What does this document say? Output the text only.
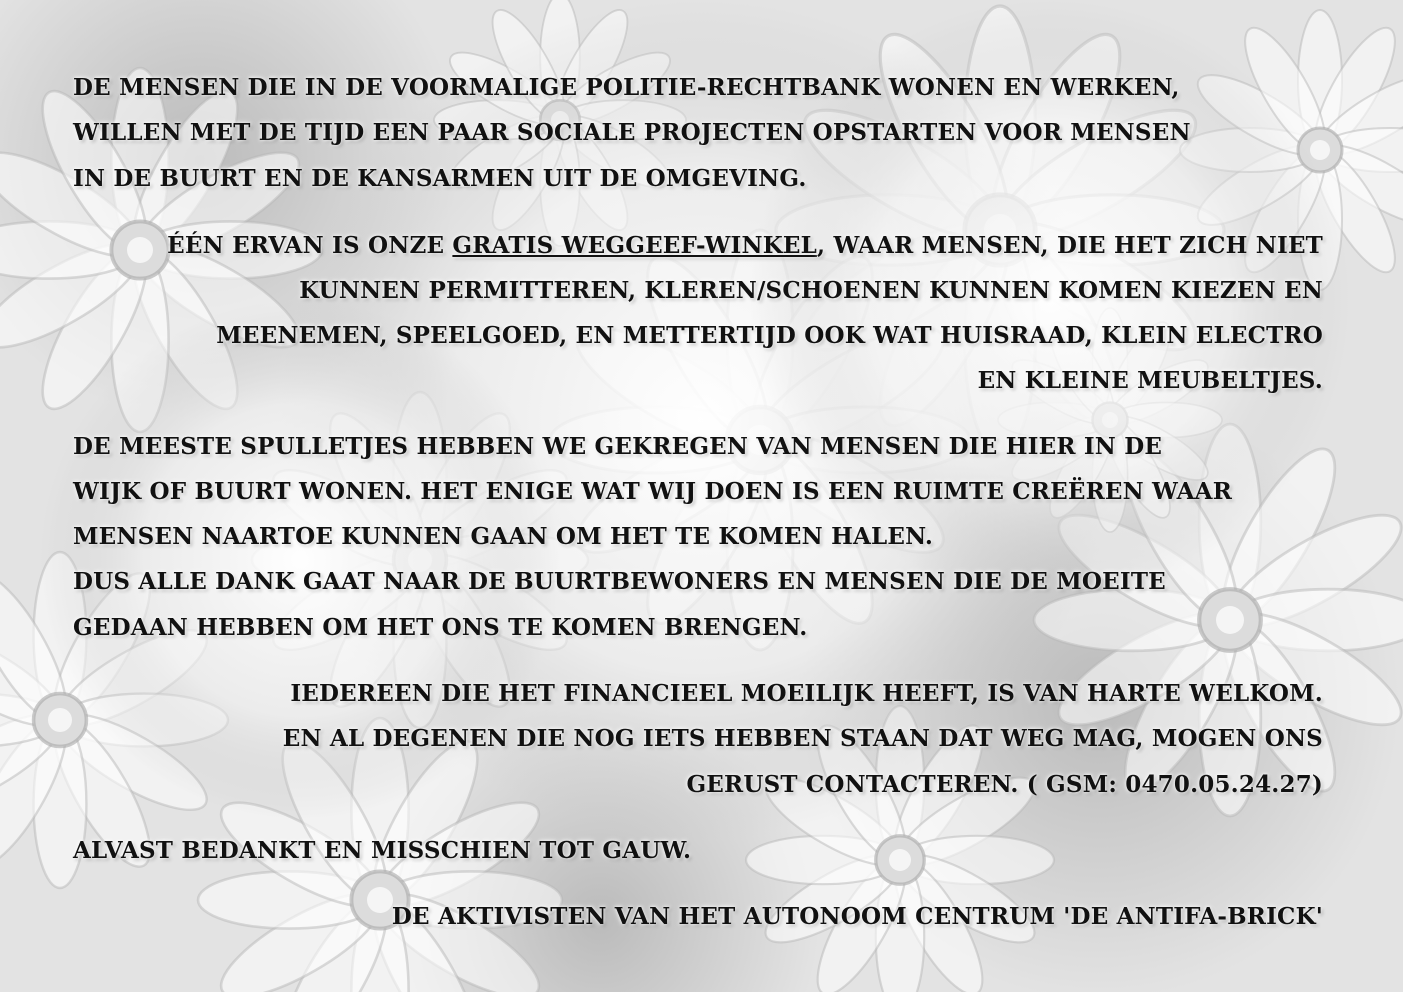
DE MENSEN DIE IN DE VOORMALIGE POLITIE-RECHTBANK WONEN EN WERKEN,
WILLEN MET DE TIJD EEN PAAR SOCIALE PROJECTEN OPSTARTEN VOOR MENSEN
IN DE BUURT EN DE KANSARMEN UIT DE OMGEVING.
ÉÉN ERVAN IS ONZE GRATIS WEGGEEF-WINKEL, WAAR MENSEN, DIE HET ZICH NIET
KUNNEN PERMITTEREN, KLEREN/SCHOENEN KUNNEN KOMEN KIEZEN EN
MEENEMEN, SPEELGOED, EN METTERTIJD OOK WAT HUISRAAD, KLEIN ELECTRO
EN KLEINE MEUBELTJES.
DE MEESTE SPULLETJES HEBBEN WE GEKREGEN VAN MENSEN DIE HIER IN DE
WIJK OF BUURT WONEN. HET ENIGE WAT WIJ DOEN IS EEN RUIMTE CREËREN WAAR
MENSEN NAARTOE KUNNEN GAAN OM HET TE KOMEN HALEN.
DUS ALLE DANK GAAT NAAR DE BUURTBEWONERS EN MENSEN DIE DE MOEITE
GEDAAN HEBBEN OM HET ONS TE KOMEN BRENGEN.
IEDEREEN DIE HET FINANCIEEL MOEILIJK HEEFT, IS VAN HARTE WELKOM.
EN AL DEGENEN DIE NOG IETS HEBBEN STAAN DAT WEG MAG, MOGEN ONS
GERUST CONTACTEREN. ( GSM: 0470.05.24.27)
ALVAST BEDANKT EN MISSCHIEN TOT GAUW.
DE AKTIVISTEN VAN HET AUTONOOM CENTRUM 'DE ANTIFA-BRICK'
